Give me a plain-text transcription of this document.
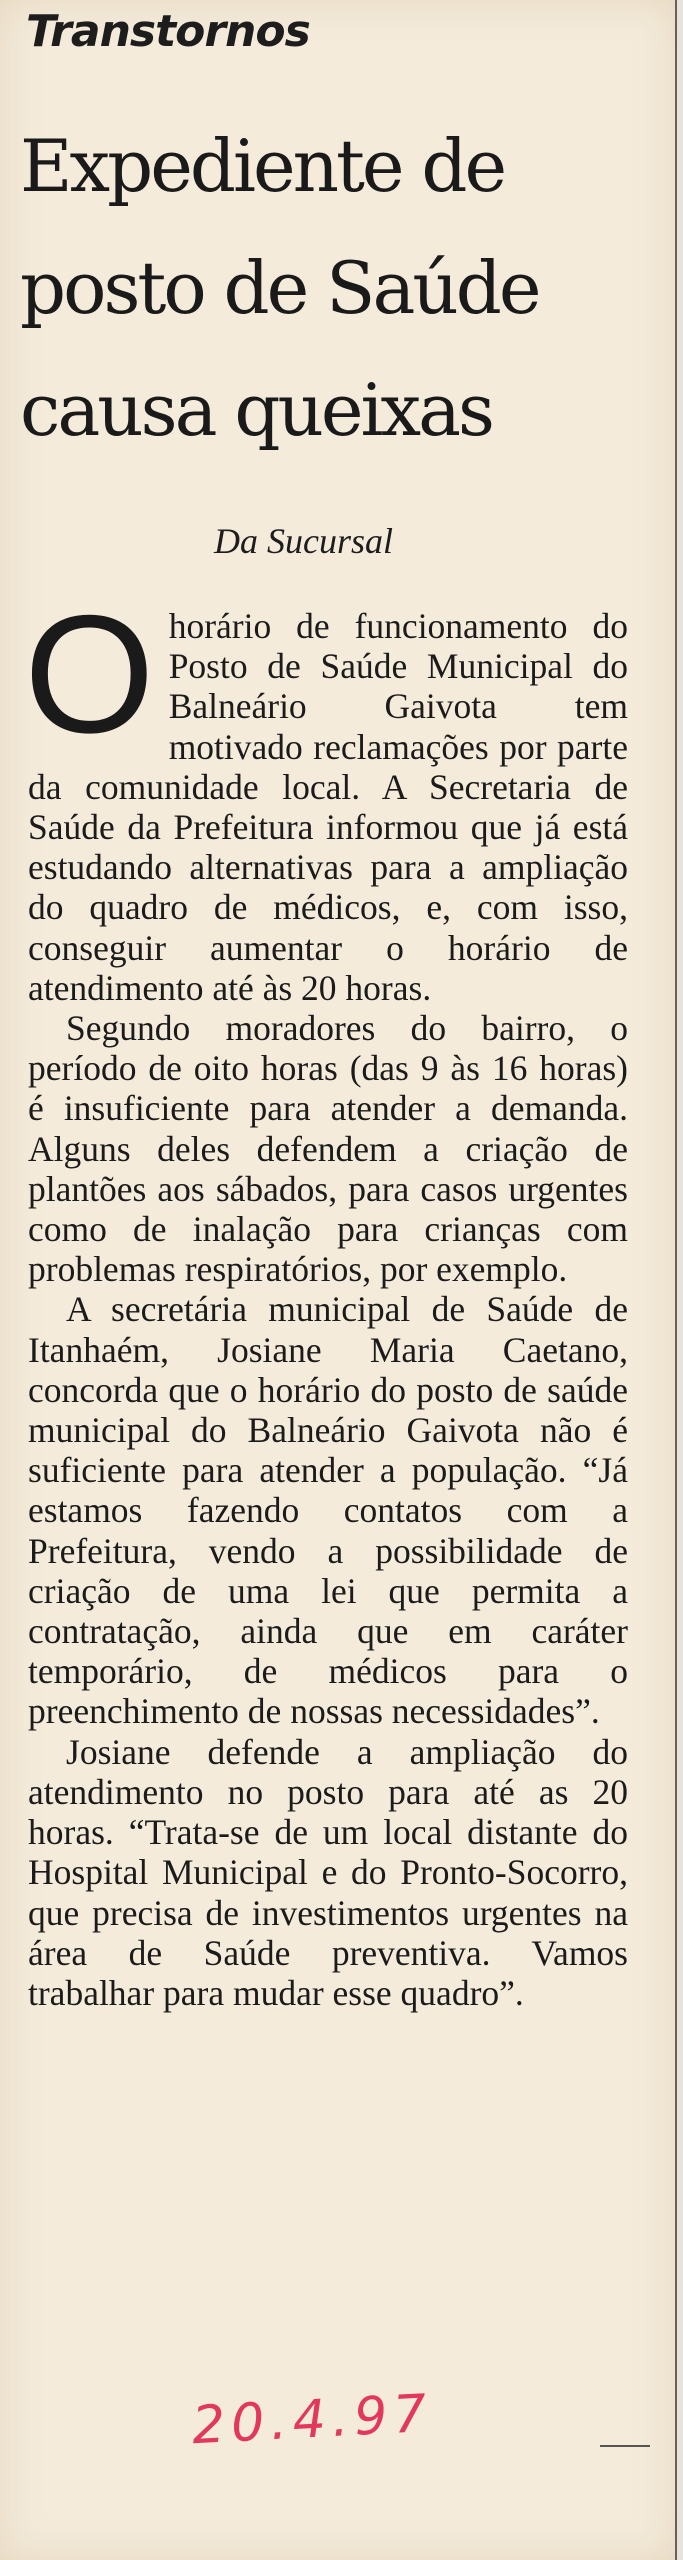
Transtornos
Expediente de posto de Saúde causa queixas
Da Sucursal

O horário de funcionamento do Posto de Saúde Municipal do Balneário Gaivota tem motivado reclamações por parte da comunidade local. A Secretaria de Saúde da Prefeitura informou que já está estudando alternativas para a ampliação do quadro de médicos, e, com isso, conseguir aumentar o horário de atendimento até às 20 horas.

Segundo moradores do bairro, o período de oito horas (das 9 às 16 horas) é insuficiente para atender a demanda. Alguns deles defendem a criação de plantões aos sábados, para casos urgentes como de inalação para crianças com problemas respiratórios, por exemplo.

A secretária municipal de Saúde de Itanhaém, Josiane Maria Caetano, concorda que o horário do posto de saúde municipal do Balneário Gaivota não é suficiente para atender a população. “Já estamos fazendo contatos com a Prefeitura, vendo a possibilidade de criação de uma lei que permita a contratação, ainda que em caráter temporário, de médicos para o preenchimento de nossas necessidades”.

Josiane defende a ampliação do atendimento no posto para até as 20 horas. “Trata-se de um local distante do Hospital Municipal e do Pronto-Socorro, que precisa de investimentos urgentes na área de Saúde preventiva. Vamos trabalhar para mudar esse quadro”.

20.4.97
